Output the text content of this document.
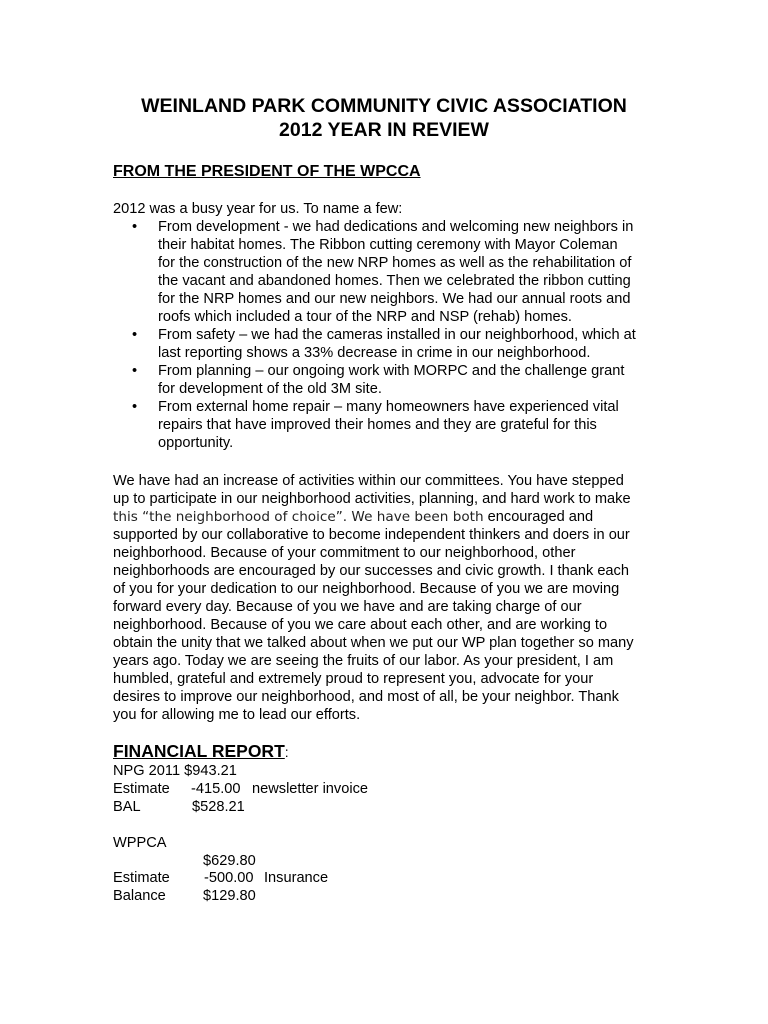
WEINLAND PARK COMMUNITY CIVIC ASSOCIATION
2012 YEAR IN REVIEW
FROM THE PRESIDENT OF THE WPCCA
2012 was a busy year for us. To name a few:
• From development - we had dedications and welcoming new neighbors in
their habitat homes. The Ribbon cutting ceremony with Mayor Coleman
for the construction of the new NRP homes as well as the rehabilitation of
the vacant and abandoned homes. Then we celebrated the ribbon cutting
for the NRP homes and our new neighbors. We had our annual roots and
roofs which included a tour of the NRP and NSP (rehab) homes.
• From safety – we had the cameras installed in our neighborhood, which at
last reporting shows a 33% decrease in crime in our neighborhood.
• From planning – our ongoing work with MORPC and the challenge grant
for development of the old 3M site.
• From external home repair – many homeowners have experienced vital
repairs that have improved their homes and they are grateful for this
opportunity.
We have had an increase of activities within our committees. You have stepped
up to participate in our neighborhood activities, planning, and hard work to make
this “the neighborhood of choice”. We have been both encouraged and
supported by our collaborative to become independent thinkers and doers in our
neighborhood. Because of your commitment to our neighborhood, other
neighborhoods are encouraged by our successes and civic growth. I thank each
of you for your dedication to our neighborhood. Because of you we are moving
forward every day. Because of you we have and are taking charge of our
neighborhood. Because of you we care about each other, and are working to
obtain the unity that we talked about when we put our WP plan together so many
years ago. Today we are seeing the fruits of our labor. As your president, I am
humbled, grateful and extremely proud to represent you, advocate for your
desires to improve our neighborhood, and most of all, be your neighbor. Thank
you for allowing me to lead our efforts.
FINANCIAL REPORT:
NPG 2011 $943.21
Estimate -415.00 newsletter invoice
BAL	$528.21
WPPCA
$629.80
Estimate -500.00 Insurance
Balance	$129.80
